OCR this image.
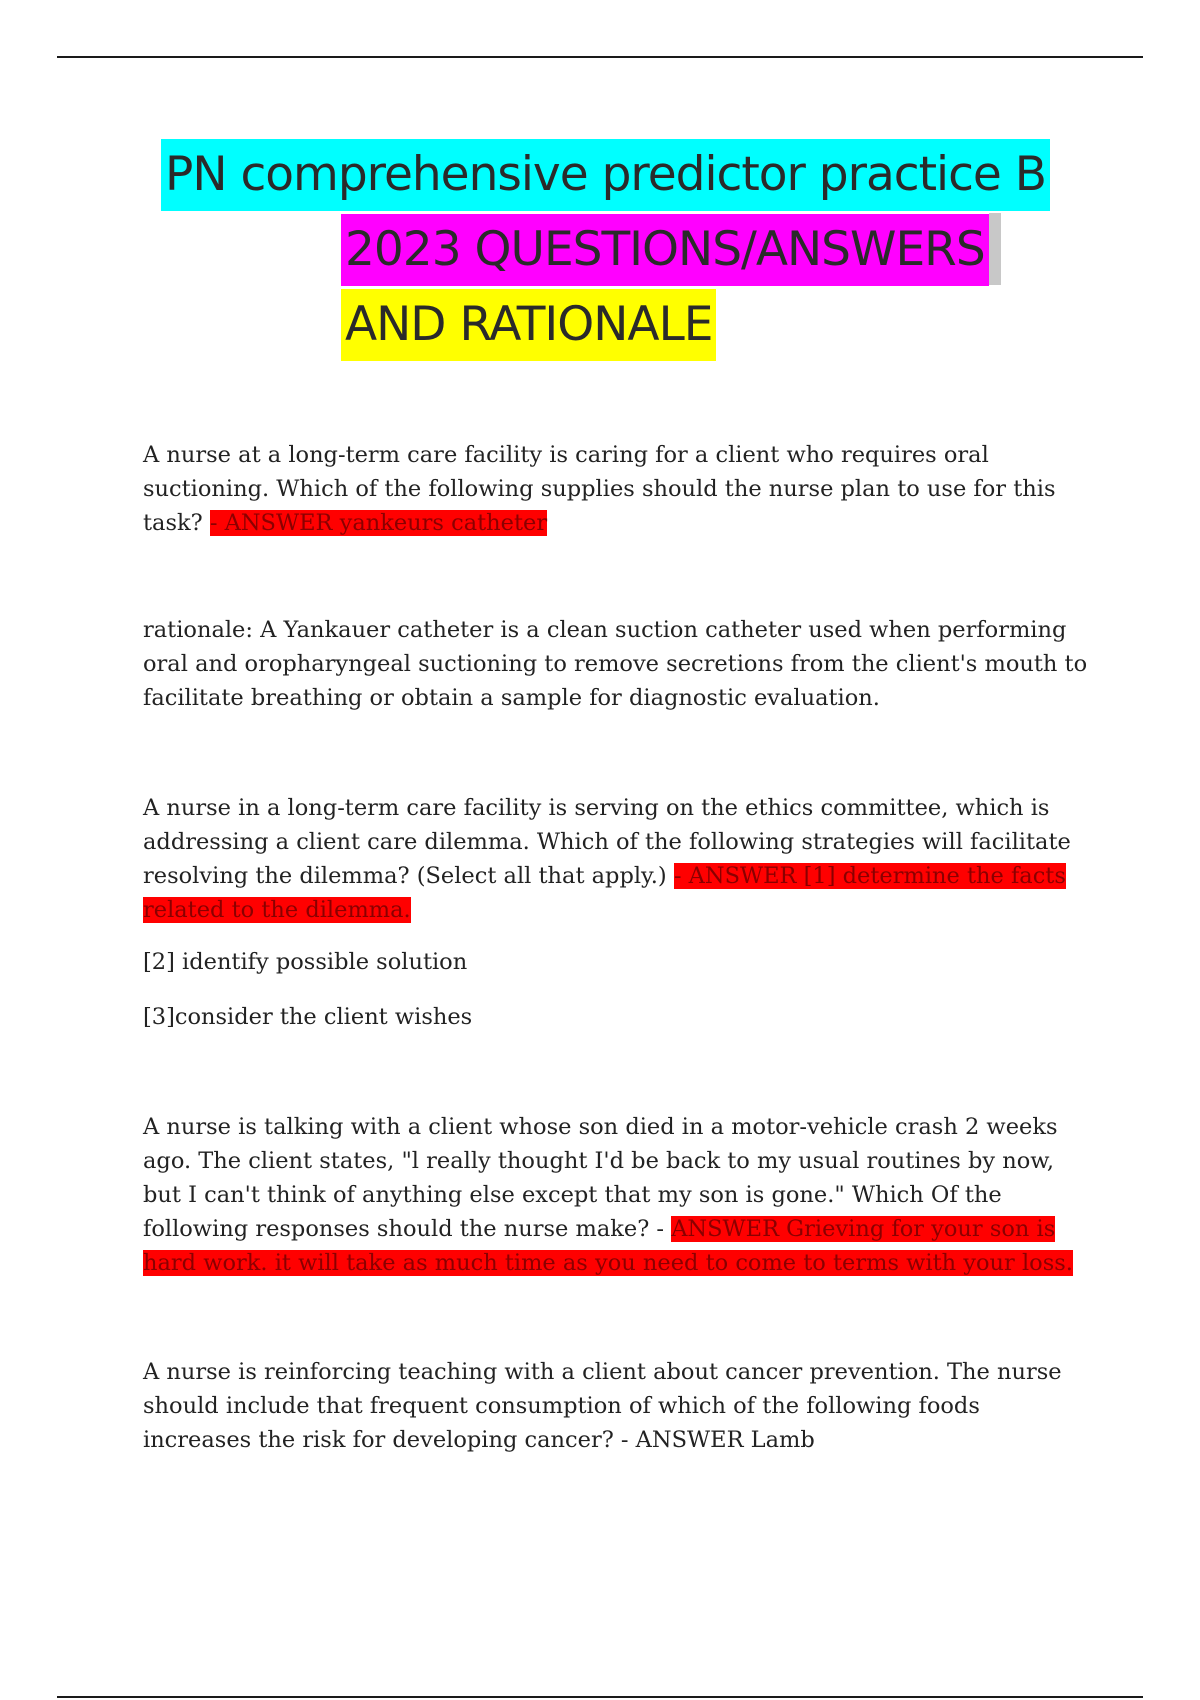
PN comprehensive predictor practice B
2023 QUESTIONS/ANSWERS
AND RATIONALE

A nurse at a long-term care facility is caring for a client who requires oral suctioning. Which of the following supplies should the nurse plan to use for this task? - ANSWER yankeurs catheter

rationale: A Yankauer catheter is a clean suction catheter used when performing oral and oropharyngeal suctioning to remove secretions from the client's mouth to facilitate breathing or obtain a sample for diagnostic evaluation.

A nurse in a long-term care facility is serving on the ethics committee, which is addressing a client care dilemma. Which of the following strategies will facilitate resolving the dilemma? (Select all that apply.) - ANSWER [1] determine the facts related to the dilemma.

[2] identify possible solution

[3]consider the client wishes

A nurse is talking with a client whose son died in a motor-vehicle crash 2 weeks ago. The client states, "l really thought I'd be back to my usual routines by now, but I can't think of anything else except that my son is gone." Which Of the following responses should the nurse make? - ANSWER Grieving for your son is hard work. it will take as much time as you need to come to terms with your loss.

A nurse is reinforcing teaching with a client about cancer prevention. The nurse should include that frequent consumption of which of the following foods increases the risk for developing cancer? - ANSWER Lamb
